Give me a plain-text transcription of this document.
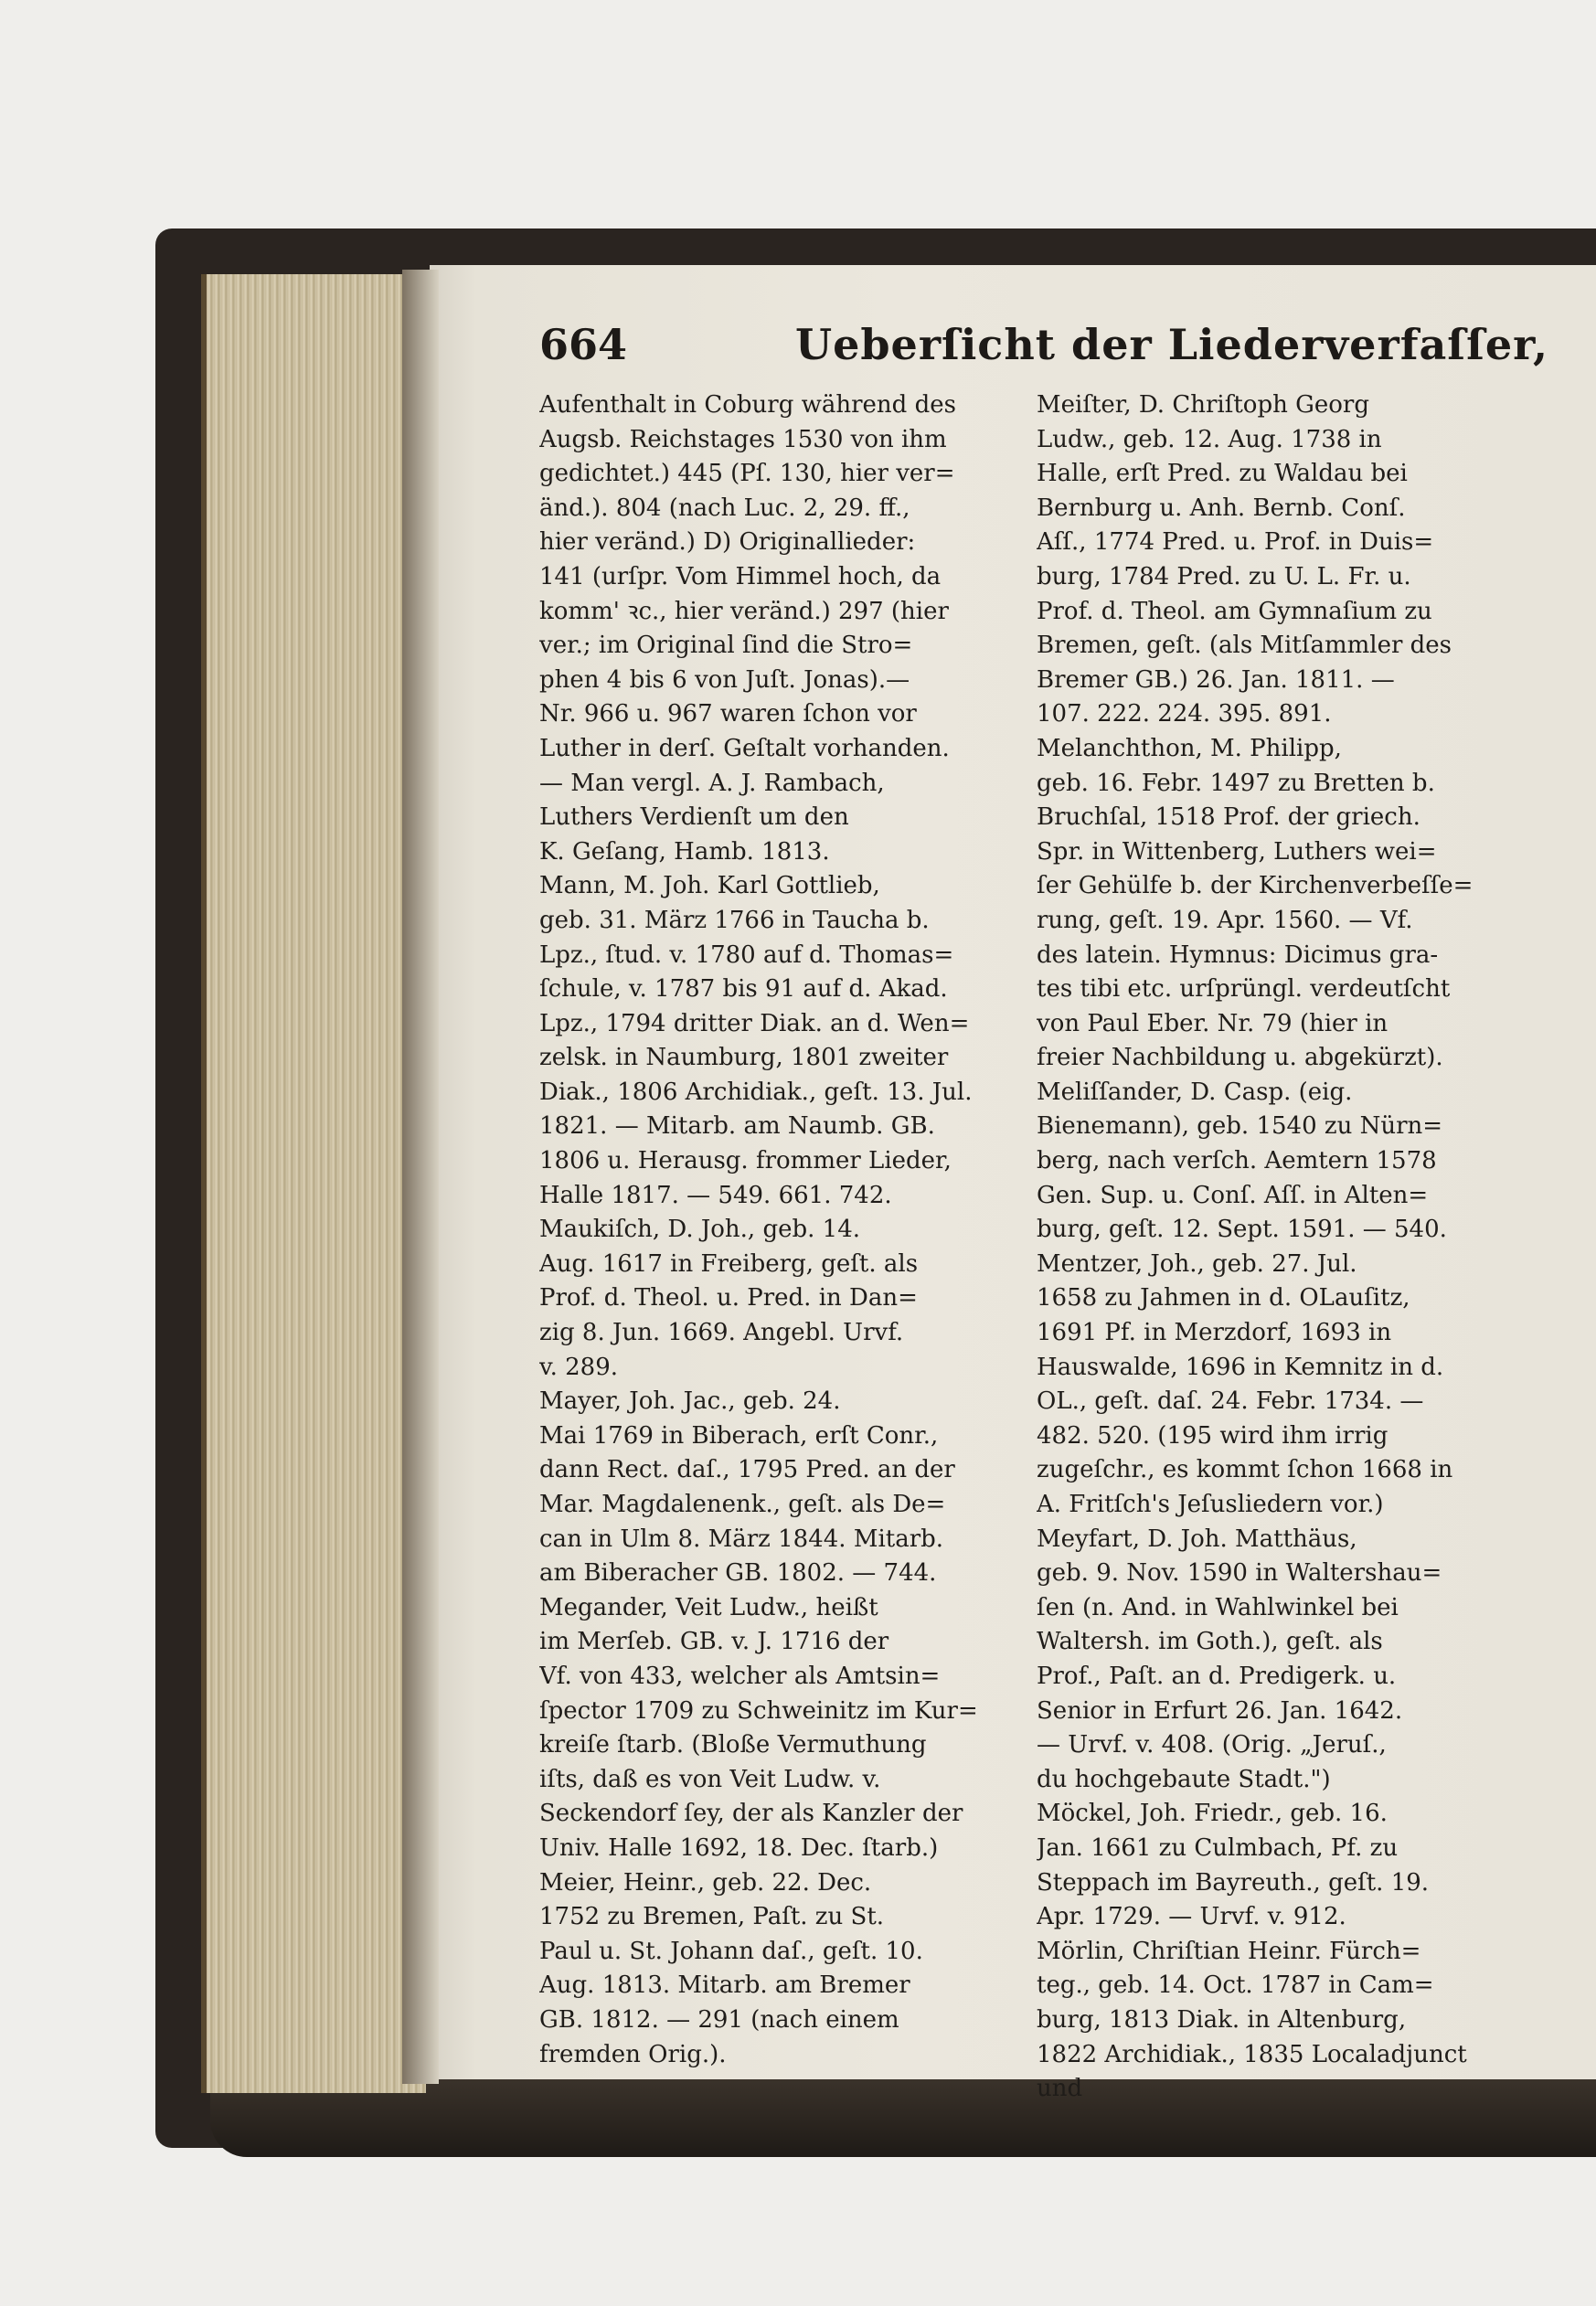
664	Ueberſicht der Liederverfaſſer,
Aufenthalt in Coburg während des
Augsb. Reichstages 1530 von ihm
gedichtet.) 445 (Pſ. 130, hier ver=
änd.). 804 (nach Luc. 2, 29. ff.,
hier veränd.) D) Originallieder:
141 (urſpr. Vom Himmel hoch, da
komm' ꝛc., hier veränd.) 297 (hier
ver.; im Original ſind die Stro=
phen 4 bis 6 von Juſt. Jonas).—
Nr. 966 u. 967 waren ſchon vor
Luther in derſ. Geſtalt vorhanden.
— Man vergl. A. J. Rambach,
Luthers Verdienſt um den
K. Geſang, Hamb. 1813.
Mann, M. Joh. Karl Gottlieb,
geb. 31. März 1766 in Taucha b.
Lpz., ſtud. v. 1780 auf d. Thomas=
ſchule, v. 1787 bis 91 auf d. Akad.
Lpz., 1794 dritter Diak. an d. Wen=
zelsk. in Naumburg, 1801 zweiter
Diak., 1806 Archidiak., geſt. 13. Jul.
1821. — Mitarb. am Naumb. GB.
1806 u. Herausg. frommer Lieder,
Halle 1817. — 549. 661. 742.
Maukiſch, D. Joh., geb. 14.
Aug. 1617 in Freiberg, geſt. als
Prof. d. Theol. u. Pred. in Dan=
zig 8. Jun. 1669. Angebl. Urvf.
v. 289.
Mayer, Joh. Jac., geb. 24.
Mai 1769 in Biberach, erſt Conr.,
dann Rect. daſ., 1795 Pred. an der
Mar. Magdalenenk., geſt. als De=
can in Ulm 8. März 1844. Mitarb.
am Biberacher GB. 1802. — 744.
Megander, Veit Ludw., heißt
im Merſeb. GB. v. J. 1716 der
Vf. von 433, welcher als Amtsin=
ſpector 1709 zu Schweinitz im Kur=
kreiſe ſtarb. (Bloße Vermuthung
iſts, daß es von Veit Ludw. v.
Seckendorf ſey, der als Kanzler der
Univ. Halle 1692, 18. Dec. ſtarb.)
Meier, Heinr., geb. 22. Dec.
1752 zu Bremen, Paſt. zu St.
Paul u. St. Johann daſ., geſt. 10.
Aug. 1813. Mitarb. am Bremer
GB. 1812. — 291 (nach einem
fremden Orig.).
Meiſter, D. Chriſtoph Georg
Ludw., geb. 12. Aug. 1738 in
Halle, erſt Pred. zu Waldau bei
Bernburg u. Anh. Bernb. Conſ.
Aſſ., 1774 Pred. u. Prof. in Duis=
burg, 1784 Pred. zu U. L. Fr. u.
Prof. d. Theol. am Gymnaſium zu
Bremen, geſt. (als Mitſammler des
Bremer GB.) 26. Jan. 1811. —
107. 222. 224. 395. 891.
Melanchthon, M. Philipp,
geb. 16. Febr. 1497 zu Bretten b.
Bruchſal, 1518 Prof. der griech.
Spr. in Wittenberg, Luthers wei=
ſer Gehülfe b. der Kirchenverbeſſe=
rung, geſt. 19. Apr. 1560. — Vf.
des latein. Hymnus: Dicimus gra-
tes tibi etc. urſprüngl. verdeutſcht
von Paul Eber. Nr. 79 (hier in
freier Nachbildung u. abgekürzt).
Meliſſander, D. Casp. (eig.
Bienemann), geb. 1540 zu Nürn=
berg, nach verſch. Aemtern 1578
Gen. Sup. u. Conſ. Aſſ. in Alten=
burg, geſt. 12. Sept. 1591. — 540.
Mentzer, Joh., geb. 27. Jul.
1658 zu Jahmen in d. OLauſitz,
1691 Pf. in Merzdorf, 1693 in
Hauswalde, 1696 in Kemnitz in d.
OL., geſt. daſ. 24. Febr. 1734. —
482. 520. (195 wird ihm irrig
zugeſchr., es kommt ſchon 1668 in
A. Fritſch's Jeſusliedern vor.)
Meyfart, D. Joh. Matthäus,
geb. 9. Nov. 1590 in Waltershau=
ſen (n. And. in Wahlwinkel bei
Waltersh. im Goth.), geſt. als
Prof., Paſt. an d. Predigerk. u.
Senior in Erfurt 26. Jan. 1642.
— Urvf. v. 408. (Orig. „Jeruſ.,
du hochgebaute Stadt.")
Möckel, Joh. Friedr., geb. 16.
Jan. 1661 zu Culmbach, Pf. zu
Steppach im Bayreuth., geſt. 19.
Apr. 1729. — Urvf. v. 912.
Mörlin, Chriſtian Heinr. Fürch=
teg., geb. 14. Oct. 1787 in Cam=
burg, 1813 Diak. in Altenburg,
1822 Archidiak., 1835 Localadjunct
und
